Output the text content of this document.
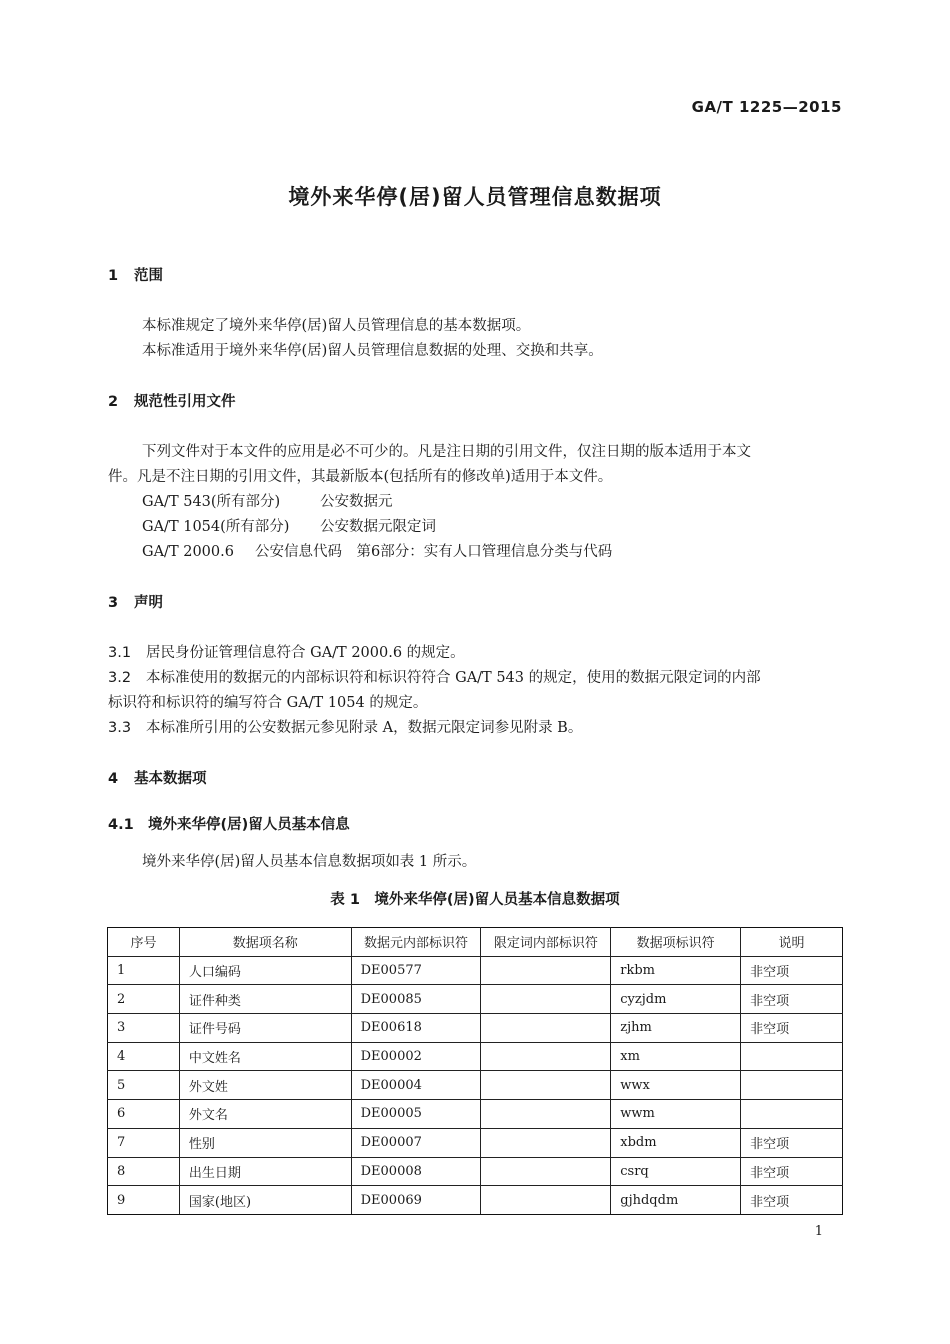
GA/T 1225—2015
境外来华停(居)留人员管理信息数据项
1 范围
本标准规定了境外来华停(居)留人员管理信息的基本数据项。
本标准适用于境外来华停(居)留人员管理信息数据的处理、交换和共享。
2 规范性引用文件
下列文件对于本文件的应用是必不可少的。凡是注日期的引用文件，仅注日期的版本适用于本文
件。凡是不注日期的引用文件，其最新版本(包括所有的修改单)适用于本文件。
GA/T 543(所有部分)	公安数据元
GA/T 1054(所有部分) 公安数据元限定词
GA/T 2000.6 公安信息代码　第6部分：实有人口管理信息分类与代码
3 声明
3.1 居民身份证管理信息符合 GA/T 2000.6 的规定。
3.2 本标准使用的数据元的内部标识符和标识符符合 GA/T 543 的规定，使用的数据元限定词的内部
标识符和标识符的编写符合 GA/T 1054 的规定。
3.3 本标准所引用的公安数据元参见附录 A，数据元限定词参见附录 B。
4 基本数据项
4.1 境外来华停(居)留人员基本信息
境外来华停(居)留人员基本信息数据项如表 1 所示。
表 1　境外来华停(居)留人员基本信息数据项
序号	数据项名称	数据元内部标识符	限定词内部标识符	数据项标识符	说明
1	人口编码	DE00577		rkbm	非空项
2	证件种类	DE00085		cyzjdm	非空项
3	证件号码	DE00618		zjhm	非空项
4	中文姓名	DE00002		xm	
5	外文姓	DE00004		wwx	
6	外文名	DE00005		wwm	
7	性别	DE00007		xbdm	非空项
8	出生日期	DE00008		csrq	非空项
9	国家(地区)	DE00069		gjhdqdm	非空项
1
